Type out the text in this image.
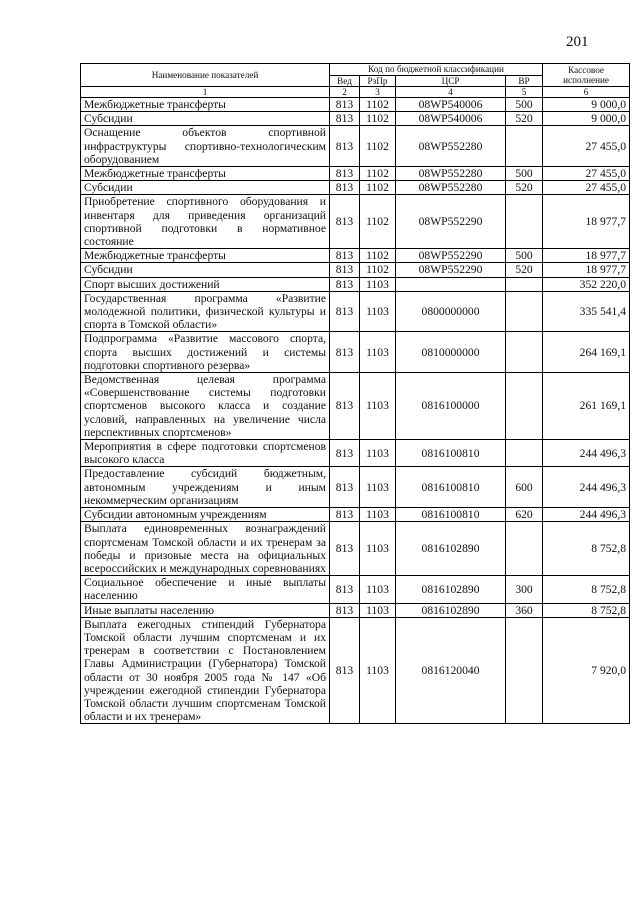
201
Наименование показателей	Код по бюджетной классификации				Кассовое исполнение
	Вед	РзПр	ЦСР	ВР	
1	2	3	4	5	6
Межбюджетные трансферты	813	1102	08WP540006	500	9 000,0
Субсидии	813	1102	08WP540006	520	9 000,0
Оснащение объектов спортивной инфраструктуры спортивно-технологическим оборудованием	813	1102	08WP552280		27 455,0
Межбюджетные трансферты	813	1102	08WP552280	500	27 455,0
Субсидии	813	1102	08WP552280	520	27 455,0
Приобретение спортивного оборудования и инвентаря для приведения организаций спортивной подготовки в нормативное состояние	813	1102	08WP552290		18 977,7
Межбюджетные трансферты	813	1102	08WP552290	500	18 977,7
Субсидии	813	1102	08WP552290	520	18 977,7
Спорт высших достижений	813	1103			352 220,0
Государственная программа «Развитие молодежной политики, физической культуры и спорта в Томской области»	813	1103	0800000000		335 541,4
Подпрограмма «Развитие массового спорта, спорта высших достижений и системы подготовки спортивного резерва»	813	1103	0810000000		264 169,1
Ведомственная целевая программа «Совершенствование системы подготовки спортсменов высокого класса и создание условий, направленных на увеличение числа перспективных спортсменов»	813	1103	0816100000		261 169,1
Мероприятия в сфере подготовки спортсменов высокого класса	813	1103	0816100810		244 496,3
Предоставление субсидий бюджетным, автономным учреждениям и иным некоммерческим организациям	813	1103	0816100810	600	244 496,3
Субсидии автономным учреждениям	813	1103	0816100810	620	244 496,3
Выплата единовременных вознаграждений спортсменам Томской области и их тренерам за победы и призовые места на официальных всероссийских и международных соревнованиях	813	1103	0816102890		8 752,8
Социальное обеспечение и иные выплаты населению	813	1103	0816102890	300	8 752,8
Иные выплаты населению	813	1103	0816102890	360	8 752,8
Выплата ежегодных стипендий Губернатора Томской области лучшим спортсменам и их тренерам в соответствии с Постановлением Главы Администрации (Губернатора) Томской области от 30 ноября 2005 года № 147 «Об учреждении ежегодной стипендии Губернатора Томской области лучшим спортсменам Томской области и их тренерам»	813	1103	0816120040		7 920,0
